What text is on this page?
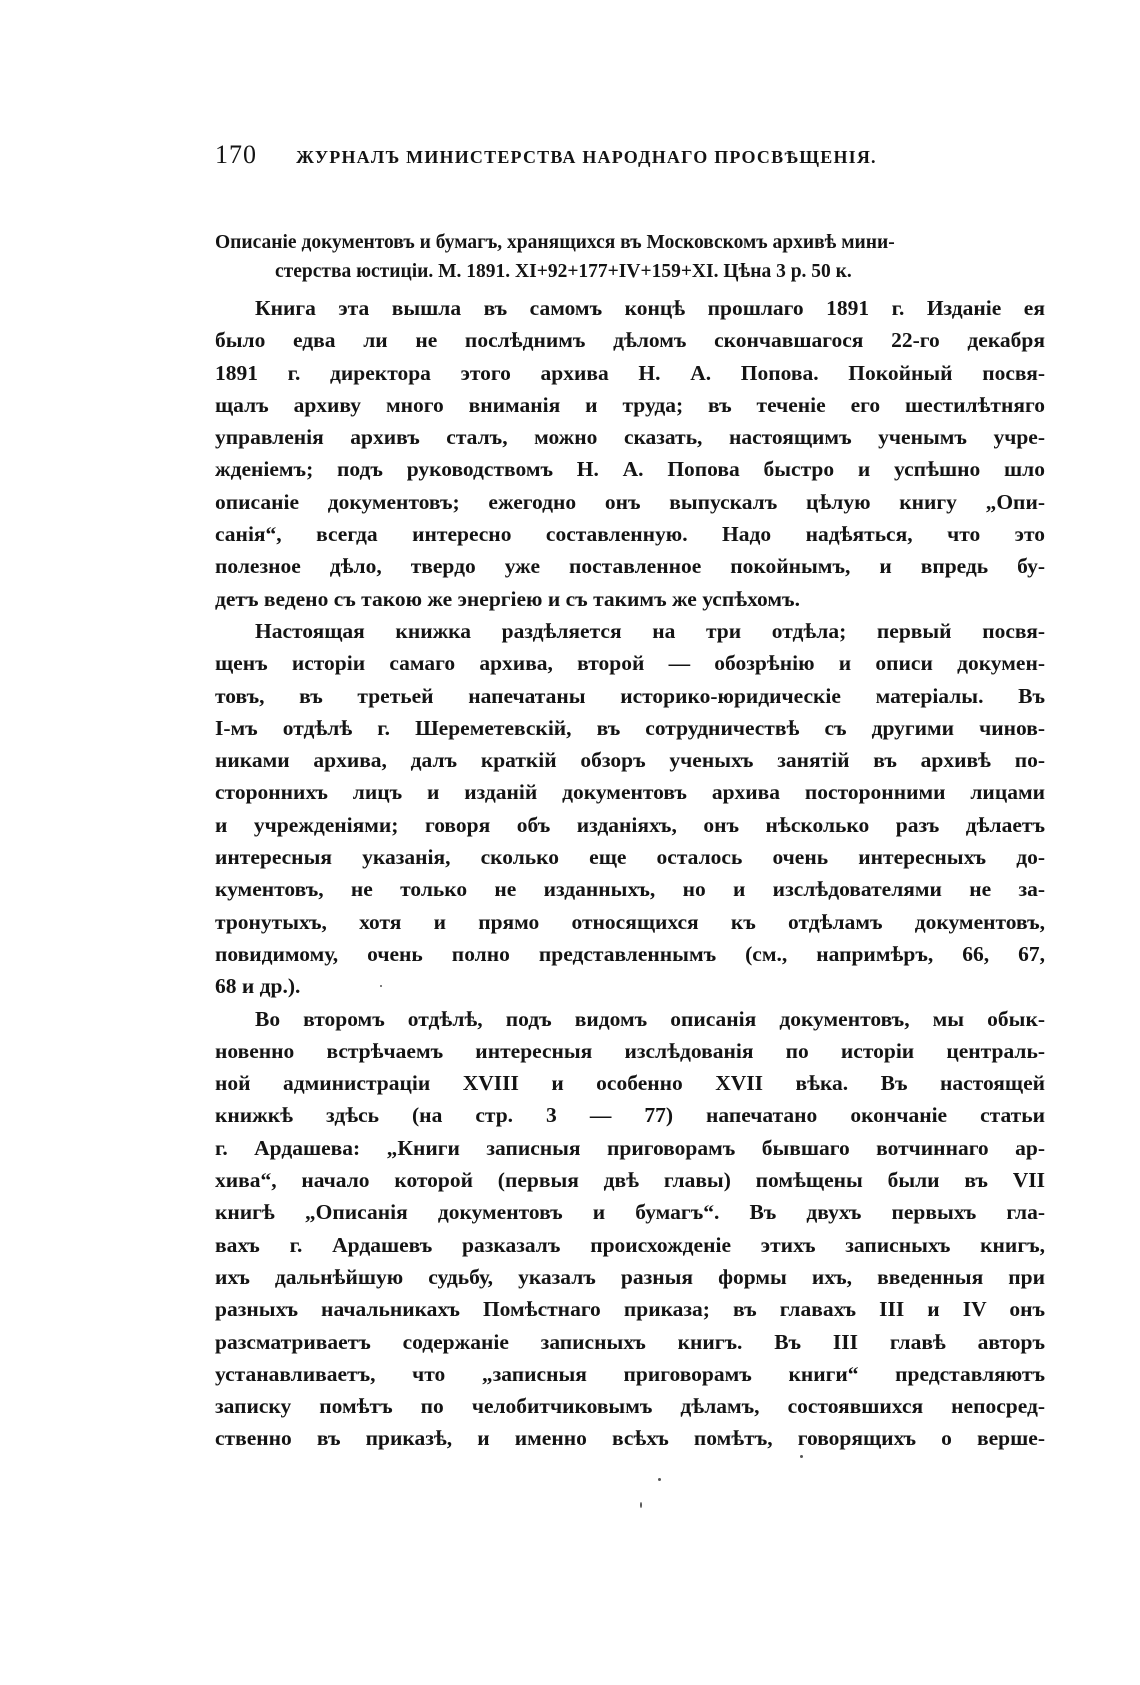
170 ЖУРНАЛЪ МИНИСТЕРСТВА НАРОДНАГО ПРОСВѢЩЕНІЯ.
Описаніе документовъ и бумагъ, хранящихся въ Московскомъ архивѣ мини-
стерства юстиціи. М. 1891. XI+92+177+IV+159+XI. Цѣна 3 р. 50 к.
Книга эта вышла въ самомъ концѣ прошлаго 1891 г. Изданіе ея
было едва ли не послѣднимъ дѣломъ скончавшагося 22-го декабря
1891 г. директора этого архива Н. А. Попова. Покойный посвя-
щалъ архиву много вниманія и труда; въ теченіе его шестилѣтняго
управленія архивъ сталъ, можно сказать, настоящимъ ученымъ учре-
жденіемъ; подъ руководствомъ Н. А. Попова быстро и успѣшно шло
описаніе документовъ; ежегодно онъ выпускалъ цѣлую книгу „Опи-
санія“, всегда интересно составленную. Надо надѣяться, что это
полезное дѣло, твердо уже поставленное покойнымъ, и впредь бу-
детъ ведено съ такою же энергіею и съ такимъ же успѣхомъ.
Настоящая книжка раздѣляется на три отдѣла; первый посвя-
щенъ исторіи самаго архива, второй — обозрѣнію и описи докумен-
товъ, въ третьей напечатаны историко-юридическіе матеріалы. Въ
I-мъ отдѣлѣ г. Шереметевскій, въ сотрудничествѣ съ другими чинов-
никами архива, далъ краткій обзоръ ученыхъ занятій въ архивѣ по-
стороннихъ лицъ и изданій документовъ архива посторонними лицами
и учрежденіями; говоря объ изданіяхъ, онъ нѣсколько разъ дѣлаетъ
интересныя указанія, сколько еще осталось очень интересныхъ до-
кументовъ, не только не изданныхъ, но и изслѣдователями не за-
тронутыхъ, хотя и прямо относящихся къ отдѣламъ документовъ,
повидимому, очень полно представленнымъ (см., напримѣръ, 66, 67,
68 и др.).
Во второмъ отдѣлѣ, подъ видомъ описанія документовъ, мы обык-
новенно встрѣчаемъ интересныя изслѣдованія по исторіи централь-
ной администраціи XVIII и особенно XVII вѣка. Въ настоящей
книжкѣ здѣсь (на стр. 3 — 77) напечатано окончаніе статьи
г. Ардашева: „Книги записныя приговорамъ бывшаго вотчиннаго ар-
хива“, начало которой (первыя двѣ главы) помѣщены были въ VII
книгѣ „Описанія документовъ и бумагъ“. Въ двухъ первыхъ гла-
вахъ г. Ардашевъ разказалъ происхожденіе этихъ записныхъ книгъ,
ихъ дальнѣйшую судьбу, указалъ разныя формы ихъ, введенныя при
разныхъ начальникахъ Помѣстнаго приказа; въ главахъ III и IV онъ
разсматриваетъ содержаніе записныхъ книгъ. Въ III главѣ авторъ
устанавливаетъ, что „записныя приговорамъ книги“ представляютъ
записку помѣтъ по челобитчиковымъ дѣламъ, состоявшихся непосред-
ственно въ приказѣ, и именно всѣхъ помѣтъ, говорящихъ о верше-
